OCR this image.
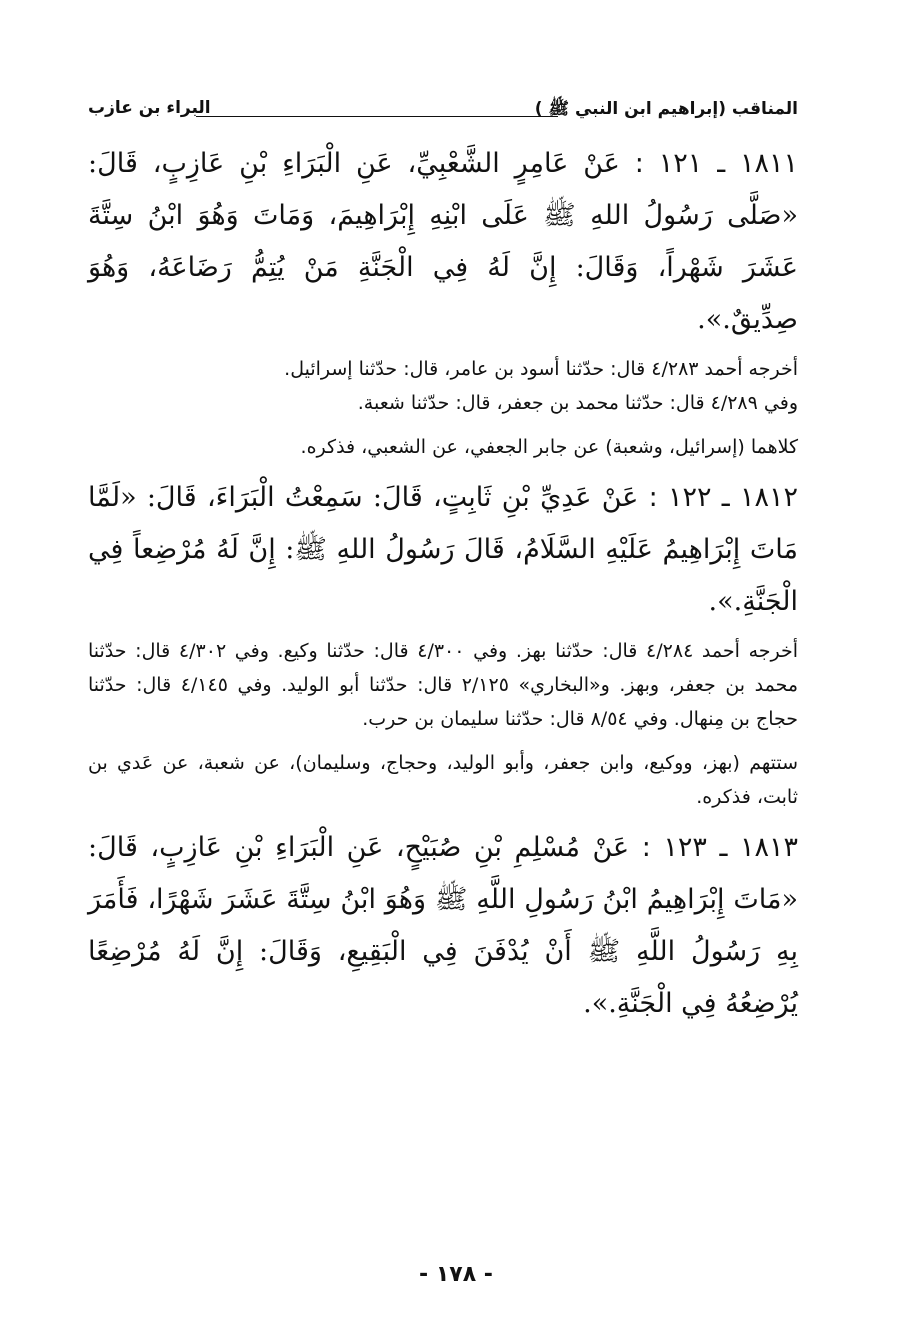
المناقب (إبراهيم ابن النبي ﷺ )
البراء بن عازب

١٨١١ ـ ١٢١ : عَنْ عَامِرٍ الشَّعْبِيِّ، عَنِ الْبَرَاءِ بْنِ عَازِبٍ، قَالَ: «صَلَّى رَسُولُ اللهِ ﷺ عَلَى ابْنِهِ إِبْرَاهِيمَ، وَمَاتَ وَهُوَ ابْنُ سِتَّةَ عَشَرَ شَهْراً، وَقَالَ: إِنَّ لَهُ فِي الْجَنَّةِ مَنْ يُتِمُّ رَضَاعَهُ، وَهُوَ صِدِّيقٌ.».

أخرجه أحمد ٤/٢٨٣ قال: حدّثنا أسود بن عامر، قال: حدّثنا إسرائيل.
وفي ٤/٢٨٩ قال: حدّثنا محمد بن جعفر، قال: حدّثنا شعبة.
كلاهما (إسرائيل، وشعبة) عن جابر الجعفي، عن الشعبي، فذكره.

١٨١٢ ـ ١٢٢ : عَنْ عَدِيِّ بْنِ ثَابِتٍ، قَالَ: سَمِعْتُ الْبَرَاءَ، قَالَ: «لَمَّا مَاتَ إِبْرَاهِيمُ عَلَيْهِ السَّلَامُ، قَالَ رَسُولُ اللهِ ﷺ: إِنَّ لَهُ مُرْضِعاً فِي الْجَنَّةِ.».

أخرجه أحمد ٤/٢٨٤ قال: حدّثنا بهز. وفي ٤/٣٠٠ قال: حدّثنا وكيع. وفي ٤/٣٠٢ قال: حدّثنا محمد بن جعفر، وبهز. و«البخاري» ٢/١٢٥ قال: حدّثنا أبو الوليد. وفي ٤/١٤٥ قال: حدّثنا حجاج بن مِنهال. وفي ٨/٥٤ قال: حدّثنا سليمان بن حرب.
ستتهم (بهز، ووكيع، وابن جعفر، وأبو الوليد، وحجاج، وسليمان)، عن شعبة، عن عَدي بن ثابت، فذكره.

١٨١٣ ـ ١٢٣ : عَنْ مُسْلِمِ بْنِ صُبَيْحٍ، عَنِ الْبَرَاءِ بْنِ عَازِبٍ، قَالَ: «مَاتَ إِبْرَاهِيمُ ابْنُ رَسُولِ اللَّهِ ﷺ وَهُوَ ابْنُ سِتَّةَ عَشَرَ شَهْرًا، فَأَمَرَ بِهِ رَسُولُ اللَّهِ ﷺ أَنْ يُدْفَنَ فِي الْبَقِيعِ، وَقَالَ: إِنَّ لَهُ مُرْضِعًا يُرْضِعُهُ فِي الْجَنَّةِ.».

- ١٧٨ -
